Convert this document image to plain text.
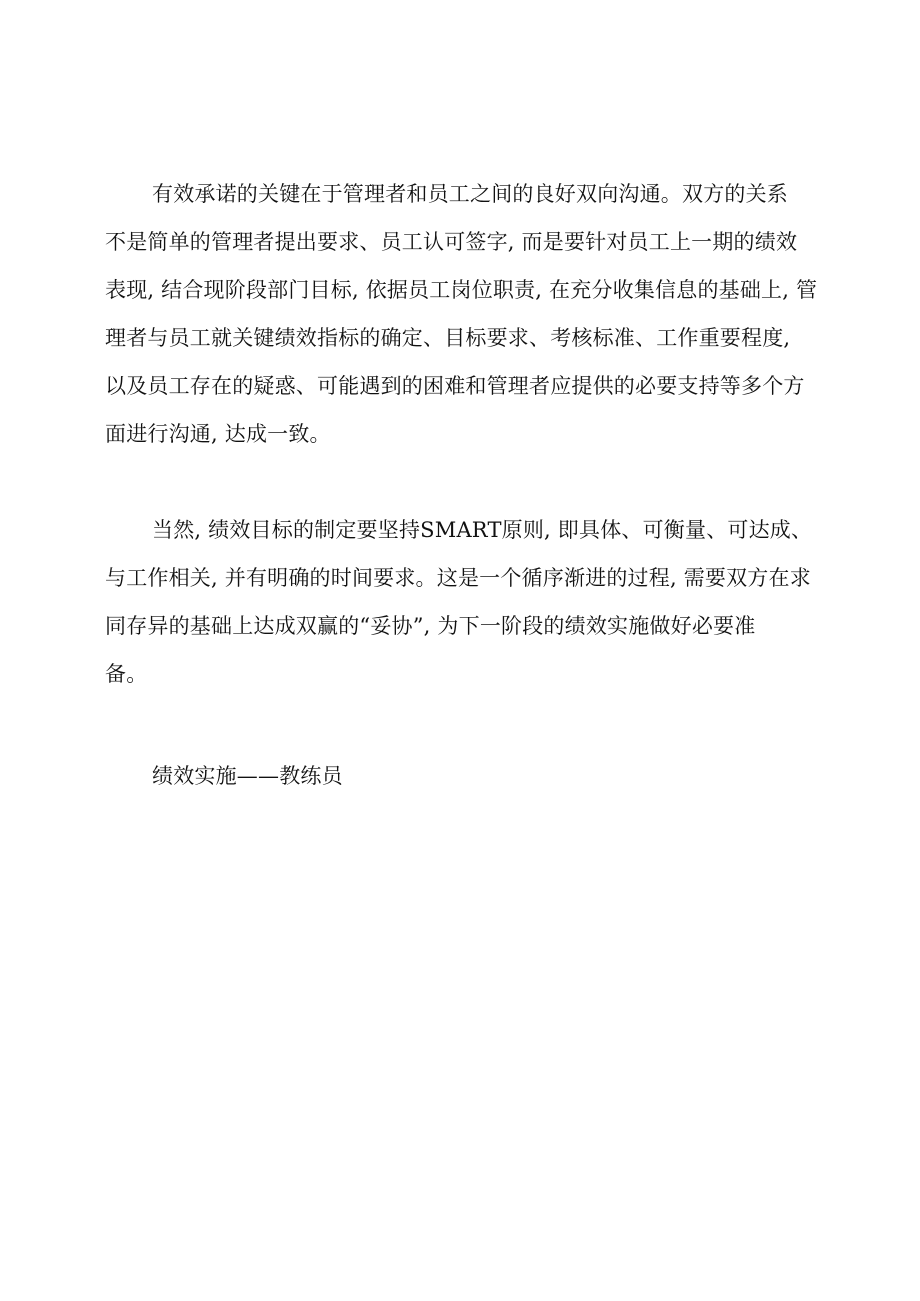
有效承诺的关键在于管理者和员工之间的良好双向沟通。双方的关系
不是简单的管理者提出要求、员工认可签字, 而是要针对员工上一期的绩效
表现, 结合现阶段部门目标, 依据员工岗位职责, 在充分收集信息的基础上, 管
理者与员工就关键绩效指标的确定、目标要求、考核标准、工作重要程度,
以及员工存在的疑惑、可能遇到的困难和管理者应提供的必要支持等多个方
面进行沟通, 达成一致。
当然, 绩效目标的制定要坚持SMART原则, 即具体、可衡量、可达成、
与工作相关, 并有明确的时间要求。这是一个循序渐进的过程, 需要双方在求
同存异的基础上达成双赢的“妥协”, 为下一阶段的绩效实施做好必要准
备。
绩效实施——教练员
